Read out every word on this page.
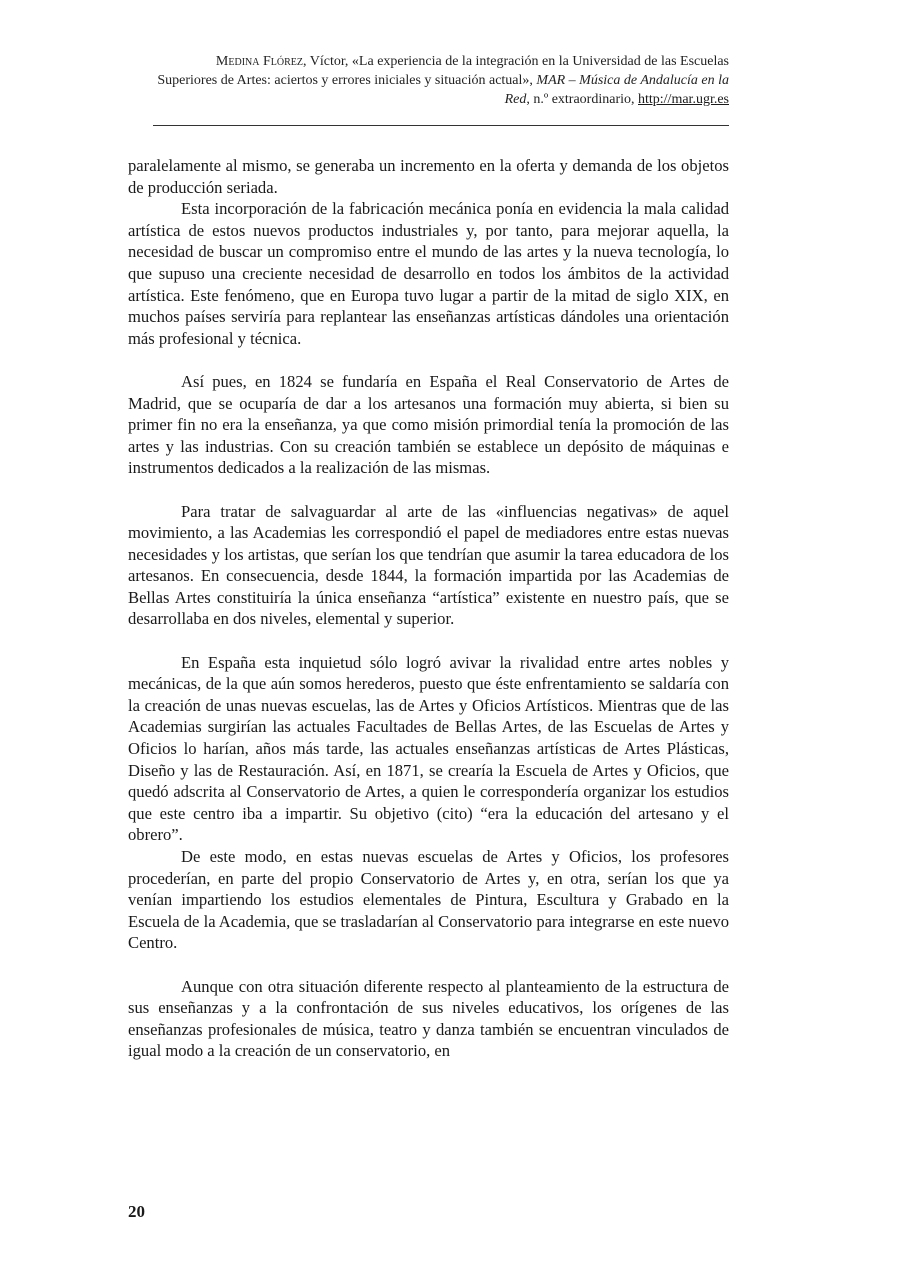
Medina Flórez, Víctor, «La experiencia de la integración en la Universidad de las Escuelas
Superiores de Artes: aciertos y errores iniciales y situación actual», MAR – Música de Andalucía en la
Red, n.º extraordinario, http://mar.ugr.es

paralelamente al mismo, se generaba un incremento en la oferta y demanda de los objetos de producción seriada.

Esta incorporación de la fabricación mecánica ponía en evidencia la mala calidad artística de estos nuevos productos industriales y, por tanto, para mejorar aquella, la necesidad de buscar un compromiso entre el mundo de las artes y la nueva tecnología, lo que supuso una creciente necesidad de desarrollo en todos los ámbitos de la actividad artística. Este fenómeno, que en Europa tuvo lugar a partir de la mitad de siglo XIX, en muchos países serviría para replantear las enseñanzas artísticas dándoles una orientación más profesional y técnica.

Así pues, en 1824 se fundaría en España el Real Conservatorio de Artes de Madrid, que se ocuparía de dar a los artesanos una formación muy abierta, si bien su primer fin no era la enseñanza, ya que como misión primordial tenía la promoción de las artes y las industrias. Con su creación también se establece un depósito de máquinas e instrumentos dedicados a la realización de las mismas.

Para tratar de salvaguardar al arte de las «influencias negativas» de aquel movimiento, a las Academias les correspondió el papel de mediadores entre estas nuevas necesidades y los artistas, que serían los que tendrían que asumir la tarea educadora de los artesanos. En consecuencia, desde 1844, la formación impartida por las Academias de Bellas Artes constituiría la única enseñanza “artística” existente en nuestro país, que se desarrollaba en dos niveles, elemental y superior.

En España esta inquietud sólo logró avivar la rivalidad entre artes nobles y mecánicas, de la que aún somos herederos, puesto que éste enfrentamiento se saldaría con la creación de unas nuevas escuelas, las de Artes y Oficios Artísticos. Mientras que de las Academias surgirían las actuales Facultades de Bellas Artes, de las Escuelas de Artes y Oficios lo harían, años más tarde, las actuales enseñanzas artísticas de Artes Plásticas, Diseño y las de Restauración. Así, en 1871, se crearía la Escuela de Artes y Oficios, que quedó adscrita al Conservatorio de Artes, a quien le correspondería organizar los estudios que este centro iba a impartir. Su objetivo (cito) “era la educación del artesano y el obrero”.

De este modo, en estas nuevas escuelas de Artes y Oficios, los profesores procederían, en parte del propio Conservatorio de Artes y, en otra, serían los que ya venían impartiendo los estudios elementales de Pintura, Escultura y Grabado en la Escuela de la Academia, que se trasladarían al Conservatorio para integrarse en este nuevo Centro.

Aunque con otra situación diferente respecto al planteamiento de la estructura de sus enseñanzas y a la confrontación de sus niveles educativos, los orígenes de las enseñanzas profesionales de música, teatro y danza también se encuentran vinculados de igual modo a la creación de un conservatorio, en

20
